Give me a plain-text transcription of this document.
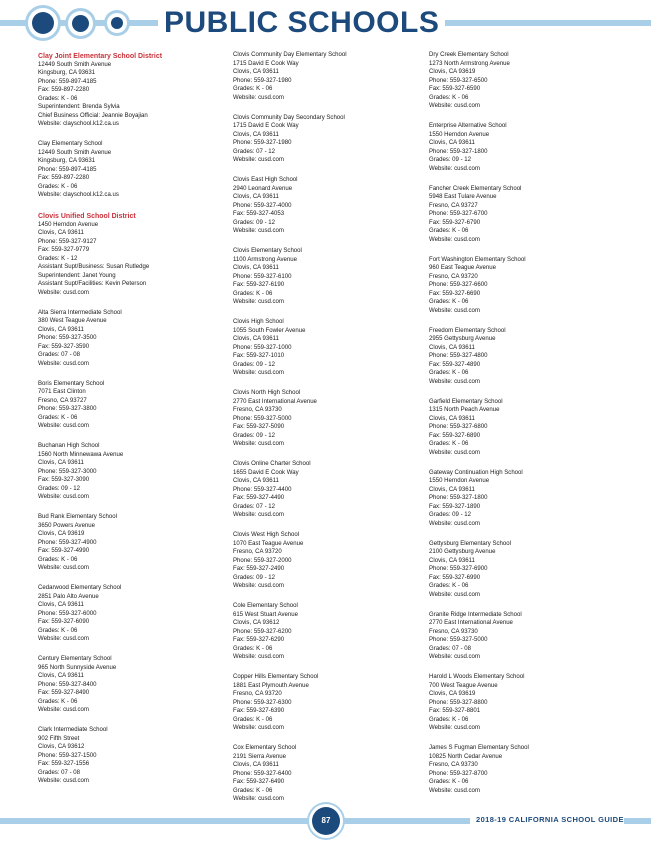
PUBLIC SCHOOLS

Clay Joint Elementary School District

12449 South Smith Avenue

Kingsburg, CA 93631

Phone: 559-897-4185

Fax: 559-897-2280

Grades: K - 06

Superintendent: Brenda Sylvia

Chief Business Official: Jeannie Boyajian

Website: clayschool.k12.ca.us

Clay Elementary School

12449 South Smith Avenue

Kingsburg, CA 93631

Phone: 559-897-4185

Fax: 559-897-2280

Grades: K - 06

Website: clayschool.k12.ca.us

Clovis Unified School District

1450 Herndon Avenue

Clovis, CA 93611

Phone: 559-327-9127

Fax: 559-327-9779

Grades: K - 12

Assistant Supt/Business: Susan Rutledge

Superintendent: Janet Young

Assistant Supt/Facilities: Kevin Peterson

Website: cusd.com

Alta Sierra Intermediate School

380 West Teague Avenue

Clovis, CA 93611

Phone: 559-327-3500

Fax: 559-327-3590

Grades: 07 - 08

Website: cusd.com

Boris Elementary School

7071 East Clinton

Fresno, CA 93727

Phone: 559-327-3800

Grades: K - 06

Website: cusd.com

Buchanan High School

1560 North Minnewawa Avenue

Clovis, CA 93611

Phone: 559-327-3000

Fax: 559-327-3090

Grades: 09 - 12

Website: cusd.com

Bud Rank Elementary School

3650 Powers Avenue

Clovis, CA 93619

Phone: 559-327-4900

Fax: 559-327-4990

Grades: K - 06

Website: cusd.com

Cedarwood Elementary School

2851 Palo Alto Avenue

Clovis, CA 93611

Phone: 559-327-6000

Fax: 559-327-6090

Grades: K - 06

Website: cusd.com

Century Elementary School

965 North Sunnyside Avenue

Clovis, CA 93611

Phone: 559-327-8400

Fax: 559-327-8490

Grades: K - 06

Website: cusd.com

Clark Intermediate School

902 Fifth Street

Clovis, CA 93612

Phone: 559-327-1500

Fax: 559-327-1556

Grades: 07 - 08

Website: cusd.com

Clovis Community Day Elementary School

1715 David E Cook Way

Clovis, CA 93611

Phone: 559-327-1980

Grades: K - 06

Website: cusd.com

Clovis Community Day Secondary School

1715 David E Cook Way

Clovis, CA 93611

Phone: 559-327-1980

Grades: 07 - 12

Website: cusd.com

Clovis East High School

2940 Leonard Avenue

Clovis, CA 93611

Phone: 559-327-4000

Fax: 559-327-4053

Grades: 09 - 12

Website: cusd.com

Clovis Elementary School

1100 Armstrong Avenue

Clovis, CA 93611

Phone: 559-327-6100

Fax: 559-327-6190

Grades: K - 06

Website: cusd.com

Clovis High School

1055 South Fowler Avenue

Clovis, CA 93611

Phone: 559-327-1000

Fax: 559-327-1010

Grades: 09 - 12

Website: cusd.com

Clovis North High School

2770 East International Avenue

Fresno, CA 93730

Phone: 559-327-5000

Fax: 559-327-5090

Grades: 09 - 12

Website: cusd.com

Clovis Online Charter School

1655 David E Cook Way

Clovis, CA 93611

Phone: 559-327-4400

Fax: 559-327-4490

Grades: 07 - 12

Website: cusd.com

Clovis West High School

1070 East Teague Avenue

Fresno, CA 93720

Phone: 559-327-2000

Fax: 559-327-2490

Grades: 09 - 12

Website: cusd.com

Cole Elementary School

615 West Stuart Avenue

Clovis, CA 93612

Phone: 559-327-6200

Fax: 559-327-6290

Grades: K - 06

Website: cusd.com

Copper Hills Elementary School

1881 East Plymouth Avenue

Fresno, CA 93720

Phone: 559-327-6300

Fax: 559-327-6390

Grades: K - 06

Website: cusd.com

Cox Elementary School

2191 Sierra Avenue

Clovis, CA 93611

Phone: 559-327-6400

Fax: 559-327-6490

Grades: K - 06

Website: cusd.com

Dry Creek Elementary School

1273 North Armstrong Avenue

Clovis, CA 93619

Phone: 559-327-6500

Fax: 559-327-6590

Grades: K - 06

Website: cusd.com

Enterprise Alternative School

1550 Herndon Avenue

Clovis, CA 93611

Phone: 559-327-1800

Grades: 09 - 12

Website: cusd.com

Fancher Creek Elementary School

5948 East Tulare Avenue

Fresno, CA 93727

Phone: 559-327-6700

Fax: 559-327-6790

Grades: K - 06

Website: cusd.com

Fort Washington Elementary School

960 East Teague Avenue

Fresno, CA 93720

Phone: 559-327-6600

Fax: 559-327-6690

Grades: K - 06

Website: cusd.com

Freedom Elementary School

2955 Gettysburg Avenue

Clovis, CA 93611

Phone: 559-327-4800

Fax: 559-327-4890

Grades: K - 06

Website: cusd.com

Garfield Elementary School

1315 North Peach Avenue

Clovis, CA 93611

Phone: 559-327-6800

Fax: 559-327-6890

Grades: K - 06

Website: cusd.com

Gateway Continuation High School

1550 Herndon Avenue

Clovis, CA 93611

Phone: 559-327-1800

Fax: 559-327-1890

Grades: 09 - 12

Website: cusd.com

Gettysburg Elementary School

2100 Gettysburg Avenue

Clovis, CA 93611

Phone: 559-327-6900

Fax: 559-327-6990

Grades: K - 06

Website: cusd.com

Granite Ridge Intermediate School

2770 East International Avenue

Fresno, CA 93730

Phone: 559-327-5000

Grades: 07 - 08

Website: cusd.com

Harold L Woods Elementary School

700 West Teague Avenue

Clovis, CA 93619

Phone: 559-327-8800

Fax: 559-327-8801

Grades: K - 06

Website: cusd.com

James S Fugman Elementary School

10825 North Cedar Avenue

Fresno, CA 93730

Phone: 559-327-8700

Grades: K - 06

Website: cusd.com

87	2018-19 CALIFORNIA SCHOOL GUIDE
